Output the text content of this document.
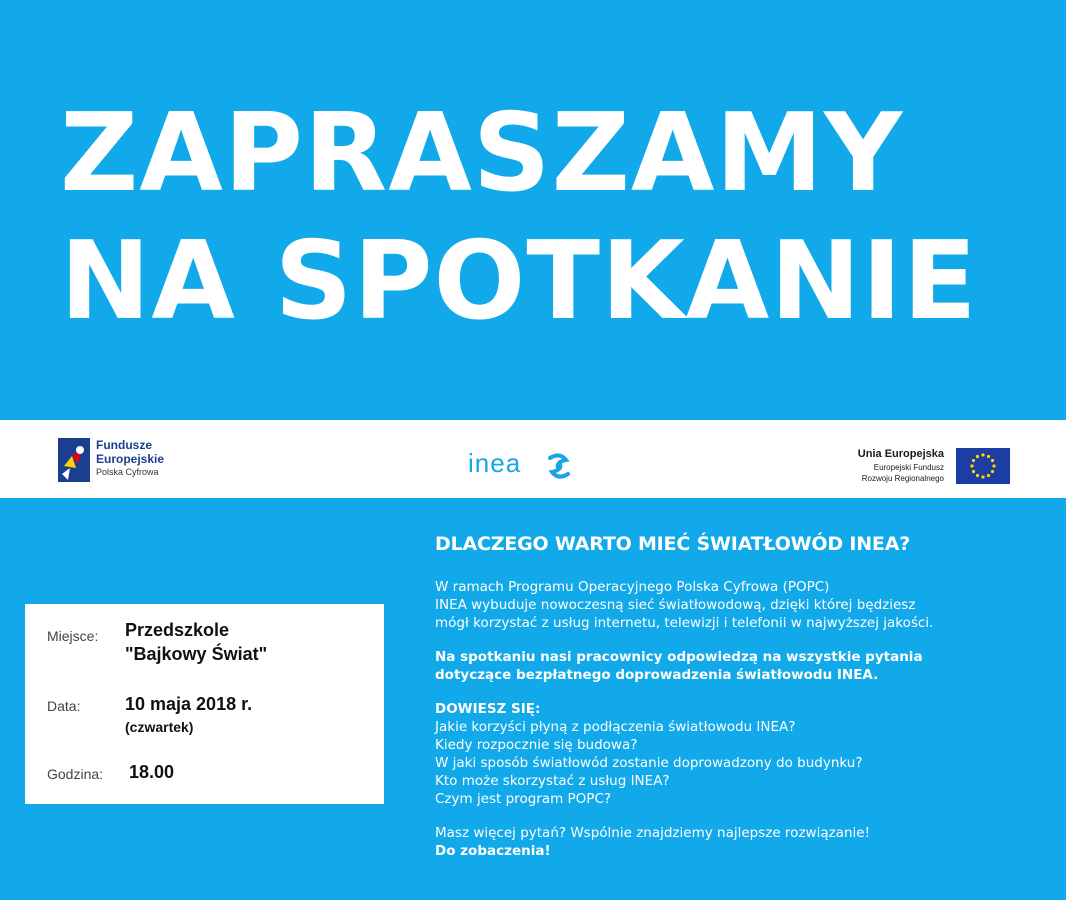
ZAPRASZAMY
NA SPOTKANIE
Fundusze
Europejskie
Polska Cyfrowa	inea	Unia Europejska
Europejski Fundusz
Rozwoju Regionalnego
Miejsce: Przedszkole
"Bajkowy Świat"
Data: 10 maja 2018 r.
(czwartek)
Godzina: 18.00
DLACZEGO WARTO MIEĆ ŚWIATŁOWÓD INEA?
W ramach Programu Operacyjnego Polska Cyfrowa (POPC)
INEA wybuduje nowoczesną sieć światłowodową, dzięki której będziesz
mógł korzystać z usług internetu, telewizji i telefonii w najwyższej jakości.
Na spotkaniu nasi pracownicy odpowiedzą na wszystkie pytania
dotyczące bezpłatnego doprowadzenia światłowodu INEA.
DOWIESZ SIĘ:
Jakie korzyści płyną z podłączenia światłowodu INEA?
Kiedy rozpocznie się budowa?
W jaki sposób światłowód zostanie doprowadzony do budynku?
Kto może skorzystać z usług INEA?
Czym jest program POPC?
Masz więcej pytań? Wspólnie znajdziemy najlepsze rozwiązanie!
Do zobaczenia!
